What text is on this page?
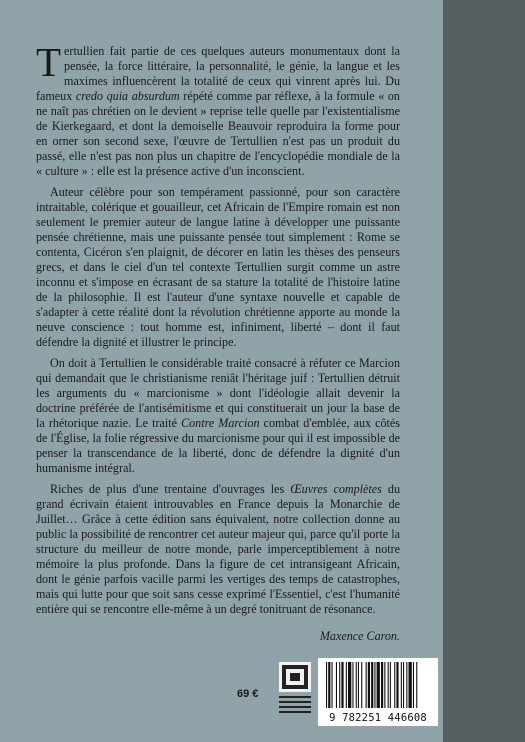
Tertullien fait partie de ces quelques auteurs monumentaux dont la pensée, la force littéraire, la personnalité, le génie, la langue et les maximes influencèrent la totalité de ceux qui vinrent après lui. Du fameux credo quia absurdum répété comme par réflexe, à la formule « on ne naît pas chrétien on le devient » reprise telle quelle par l'existentialisme de Kierkegaard, et dont la demoiselle Beauvoir reproduira la forme pour en orner son second sexe, l'œuvre de Tertullien n'est pas un produit du passé, elle n'est pas non plus un chapitre de l'encyclopédie mondiale de la « culture » : elle est la présence active d'un inconscient.

Auteur célèbre pour son tempérament passionné, pour son caractère intraitable, colérique et gouailleur, cet Africain de l'Empire romain est non seulement le premier auteur de langue latine à développer une puissante pensée chrétienne, mais une puissante pensée tout simplement : Rome se contenta, Cicéron s'en plaignit, de décorer en latin les thèses des penseurs grecs, et dans le ciel d'un tel contexte Tertullien surgit comme un astre inconnu et s'impose en écrasant de sa stature la totalité de l'histoire latine de la philosophie. Il est l'auteur d'une syntaxe nouvelle et capable de s'adapter à cette réalité dont la révolution chrétienne apporte au monde la neuve conscience : tout homme est, infiniment, liberté – dont il faut défendre la dignité et illustrer le principe.

On doit à Tertullien le considérable traité consacré à réfuter ce Marcion qui demandait que le christianisme reniât l'héritage juif : Tertullien détruit les arguments du « marcionisme » dont l'idéologie allait devenir la doctrine préférée de l'antisémitisme et qui constituerait un jour la base de la rhétorique nazie. Le traité Contre Marcion combat d'emblée, aux côtés de l'Église, la folie régressive du marcionisme pour qui il est impossible de penser la transcendance de la liberté, donc de défendre la dignité d'un humanisme intégral.

Riches de plus d'une trentaine d'ouvrages les Œuvres complètes du grand écrivain étaient introuvables en France depuis la Monarchie de Juillet… Grâce à cette édition sans équivalent, notre collection donne au public la possibilité de rencontrer cet auteur majeur qui, parce qu'il porte la structure du meilleur de notre monde, parle imperceptiblement à notre mémoire la plus profonde. Dans la figure de cet intransigeant Africain, dont le génie parfois vacille parmi les vertiges des temps de catastrophes, mais qui lutte pour que soit sans cesse exprimé l'Essentiel, c'est l'humanité entière qui se rencontre elle-même à un degré tonitruant de résonance.

Maxence Caron.

69 €
9 782251 446608
